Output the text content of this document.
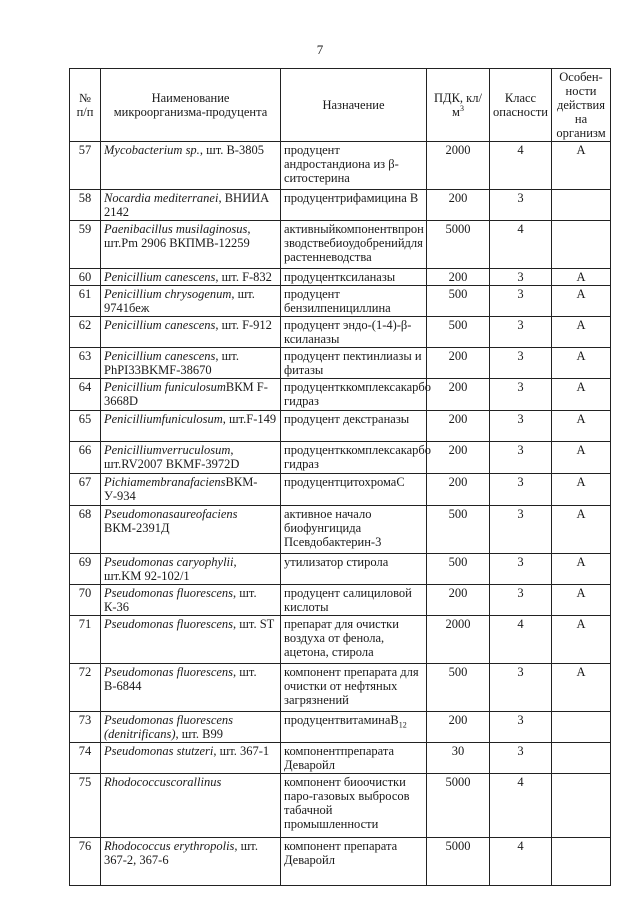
7
№ п/п	Наименование микроорганизма-продуцента	Назначение	ПДК, $кл/м^3$	Класс опасности	Особен-ности действия на организм
57	Mycobacterium sp., шт. В-3805	продуцент андростандиона из β-ситостерина	2000	4	А
58	Nocardia mediterranei, ВНИИА 2142	продуцентрифамицина В	200	3	
59	Paenibacillus musilaginosus, шт.Pm 2906 ВКПМВ-12259	активныйкомпонентвпрон зводствебиоудобренийдля растенневодства	5000	4	
60	Penicillium canescens, шт. F-832	продуцентксиланазы	200	3	А
61	Penicillium chrysogenum, шт. 9741беж	продуцент бензилпенициллина	500	3	А
62	Penicillium canescens, шт. F-912	продуцент эндо-(1-4)-β-ксиланазы	500	3	А
63	Penicillium canescens, шт. PhPI33BKMF-38670	продуцент пектинлиазы и фитазы	200	3	А
64	Penicillium funiculosumВКМ F-3668D	продуцентккомплексакарбо гидраз	200	3	А
65	Penicilliumfuniculosum, шт.F-149	продуцент декстраназы	200	3	А
66	Penicilliumverruculosum, шт.RV2007 BKMF-3972D	продуцентккомплексакарбо гидраз	200	3	А
67	PichiamembranafaciensВКМ-У-934	продуцентцитохромаС	200	3	А
68	Pseudomonasaureofaciens ВКМ-2391Д	активное начало биофунгицида Псевдобактерин-3	500	3	А
69	Pseudomonas caryophylii, шт.KM 92-102/1	утилизатор стирола	500	3	А
70	Pseudomonas fluorescens, шт. К-36	продуцент салициловой кислоты	200	3	А
71	Pseudomonas fluorescens, шт. ST	препарат для очистки воздуха от фенола, ацетона, стирола	2000	4	А
72	Pseudomonas fluorescens, шт. В-6844	компонент препарата для очистки от нефтяных загрязнений	500	3	А
73	Pseudomonas fluorescens (denitrificans), шт. В99	продуцентвитаминаВ$_{12}$	200	3	
74	Pseudomonas stutzeri, шт. 367-1	компонентпрепарата Деваройл	30	3	
75	Rhodococcuscorallinus	компонент биоочистки паро-газовых выбросов табачной промышленности	5000	4	
76	Rhodococcus erythropolis, шт. 367-2, 367-6	компонент препарата Деваройл	5000	4	
